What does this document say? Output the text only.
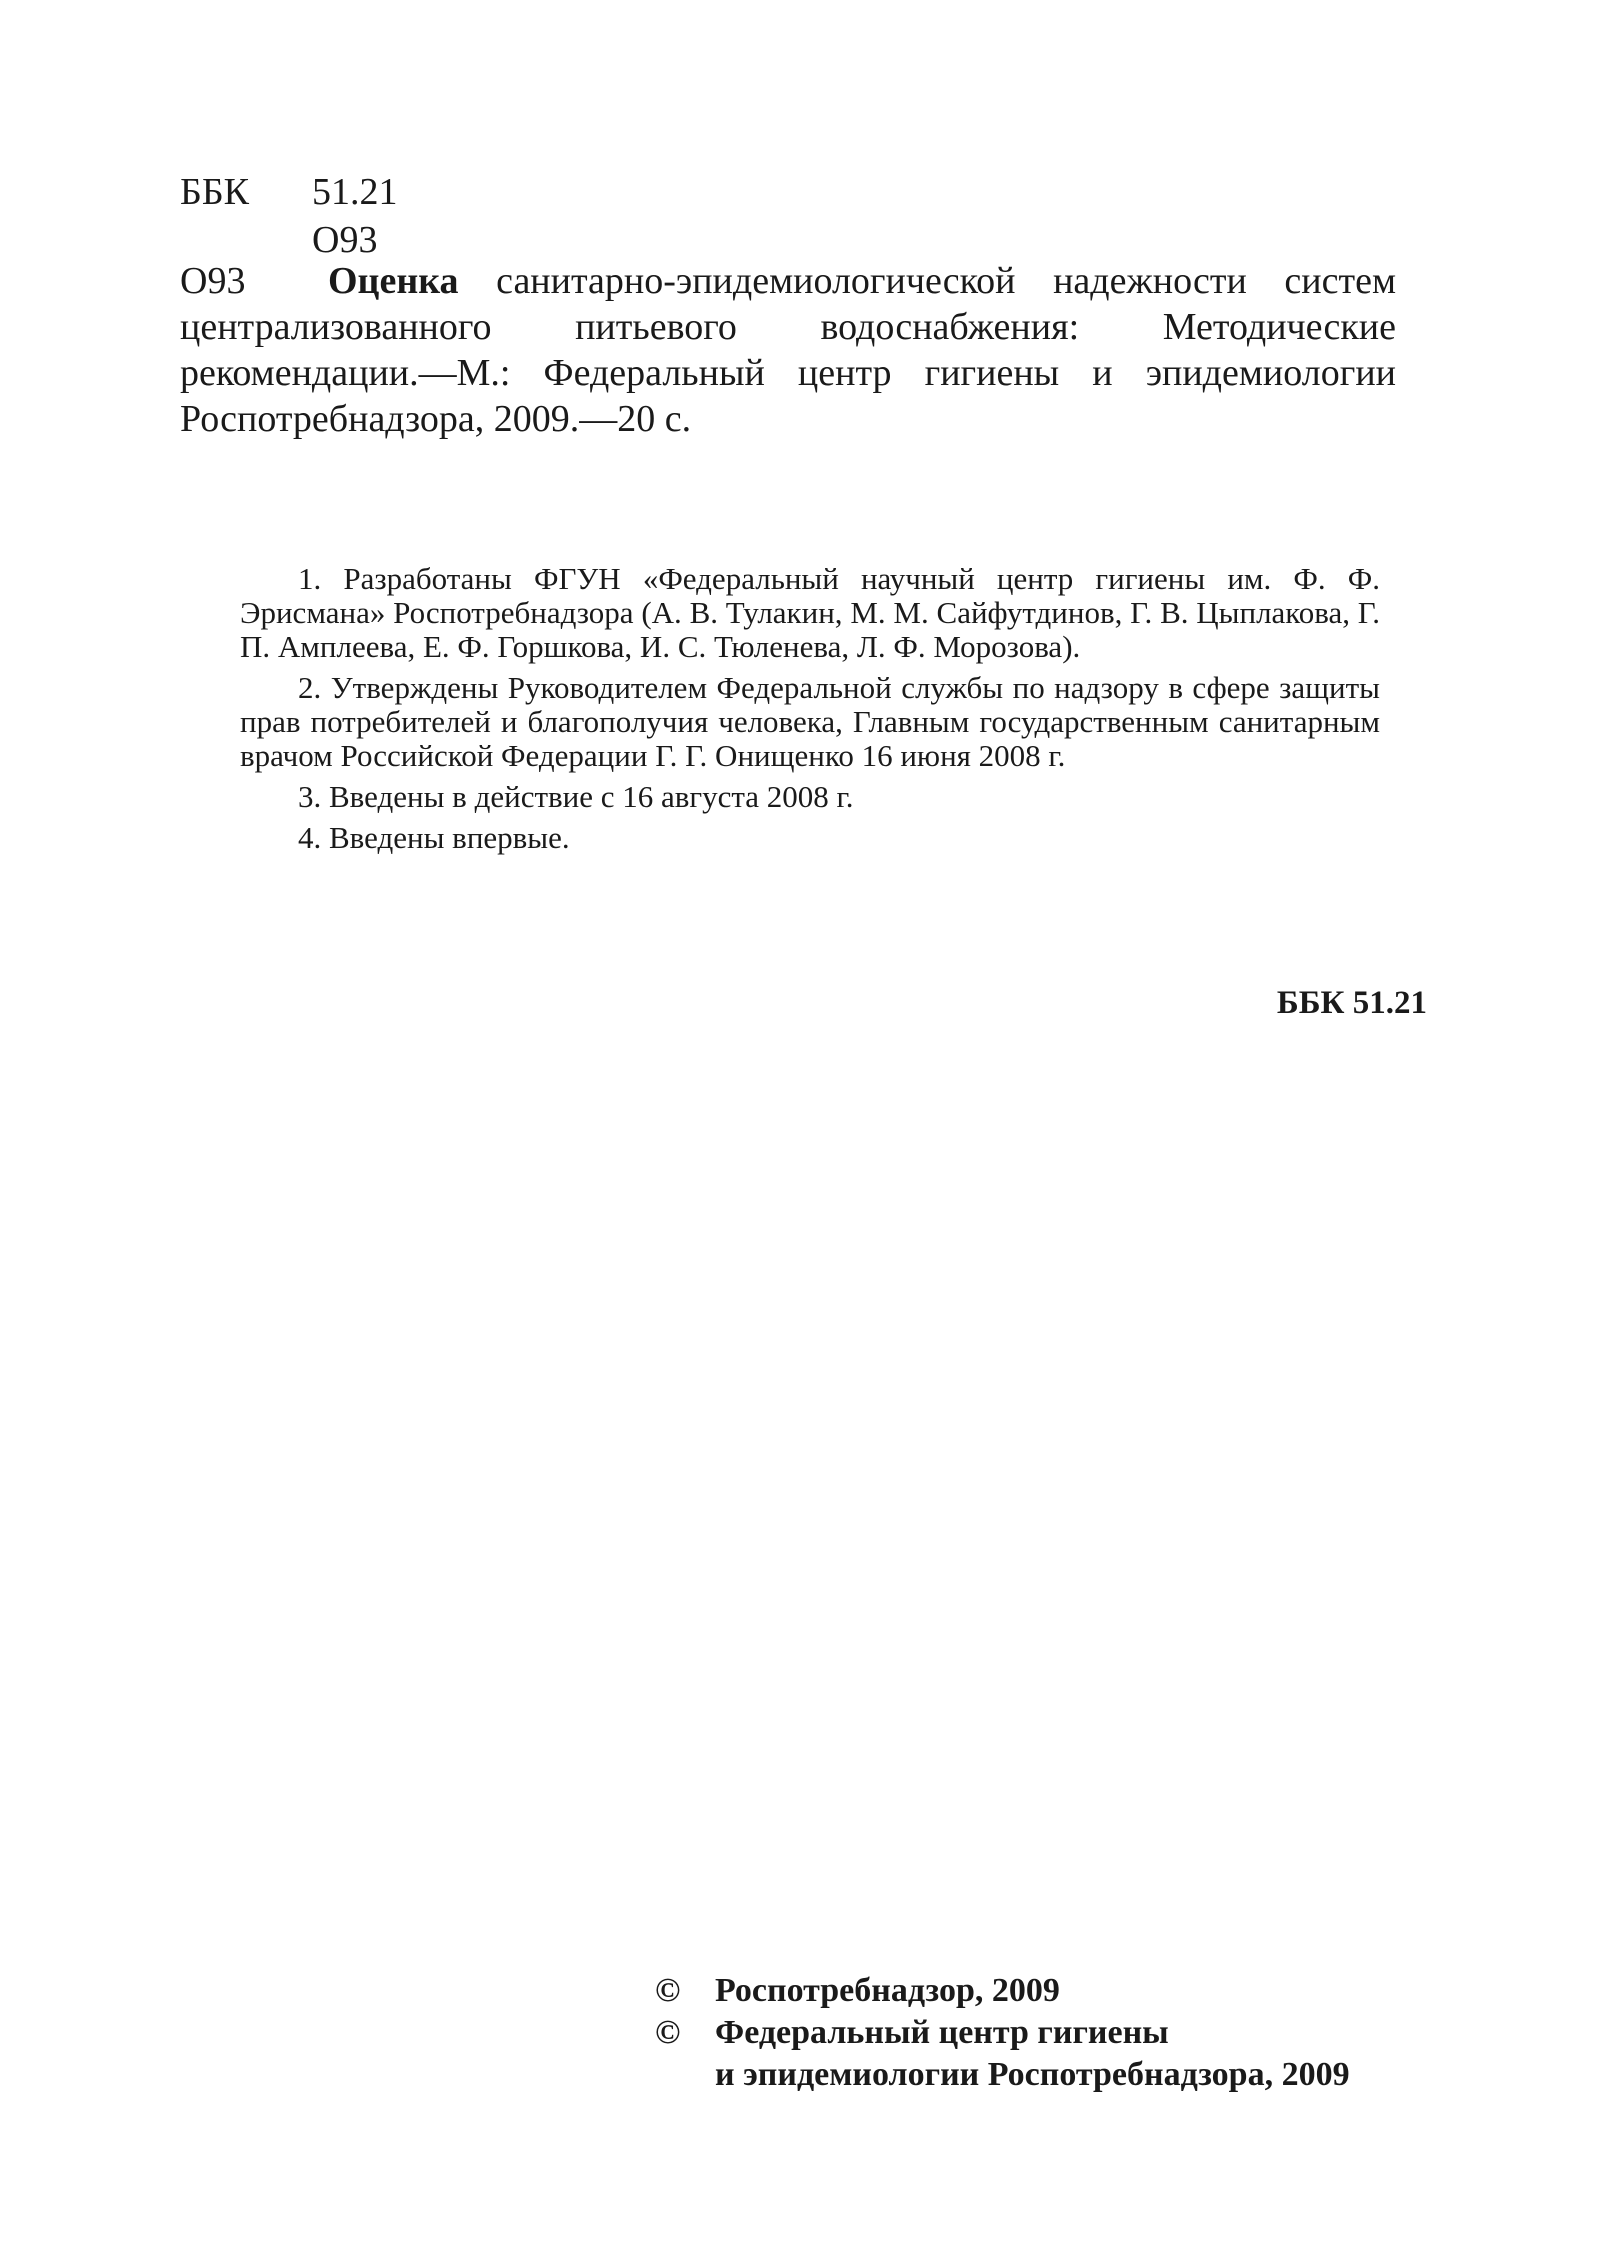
ББК	51.21
О93
О93	Оценка санитарно-эпидемиологической надежности систем централизованного питьевого водоснабжения: Методические рекомендации.—М.: Федеральный центр гигиены и эпидемиологии Роспотребнадзора, 2009.—20 с.

1. Разработаны ФГУН «Федеральный научный центр гигиены им. Ф. Ф. Эрисмана» Роспотребнадзора (А. В. Тулакин, М. М. Сайфутдинов, Г. В. Цыплакова, Г. П. Амплеева, Е. Ф. Горшкова, И. С. Тюленева, Л. Ф. Морозова).

2. Утверждены Руководителем Федеральной службы по надзору в сфере защиты прав потребителей и благополучия человека, Главным государственным санитарным врачом Российской Федерации Г. Г. Онищенко 16 июня 2008 г.

3. Введены в действие с 16 августа 2008 г.

4. Введены впервые.

ББК 51.21
©	Роспотребнадзор, 2009
©	Федеральный центр гигиены
и эпидемиологии Роспотребнадзора, 2009
